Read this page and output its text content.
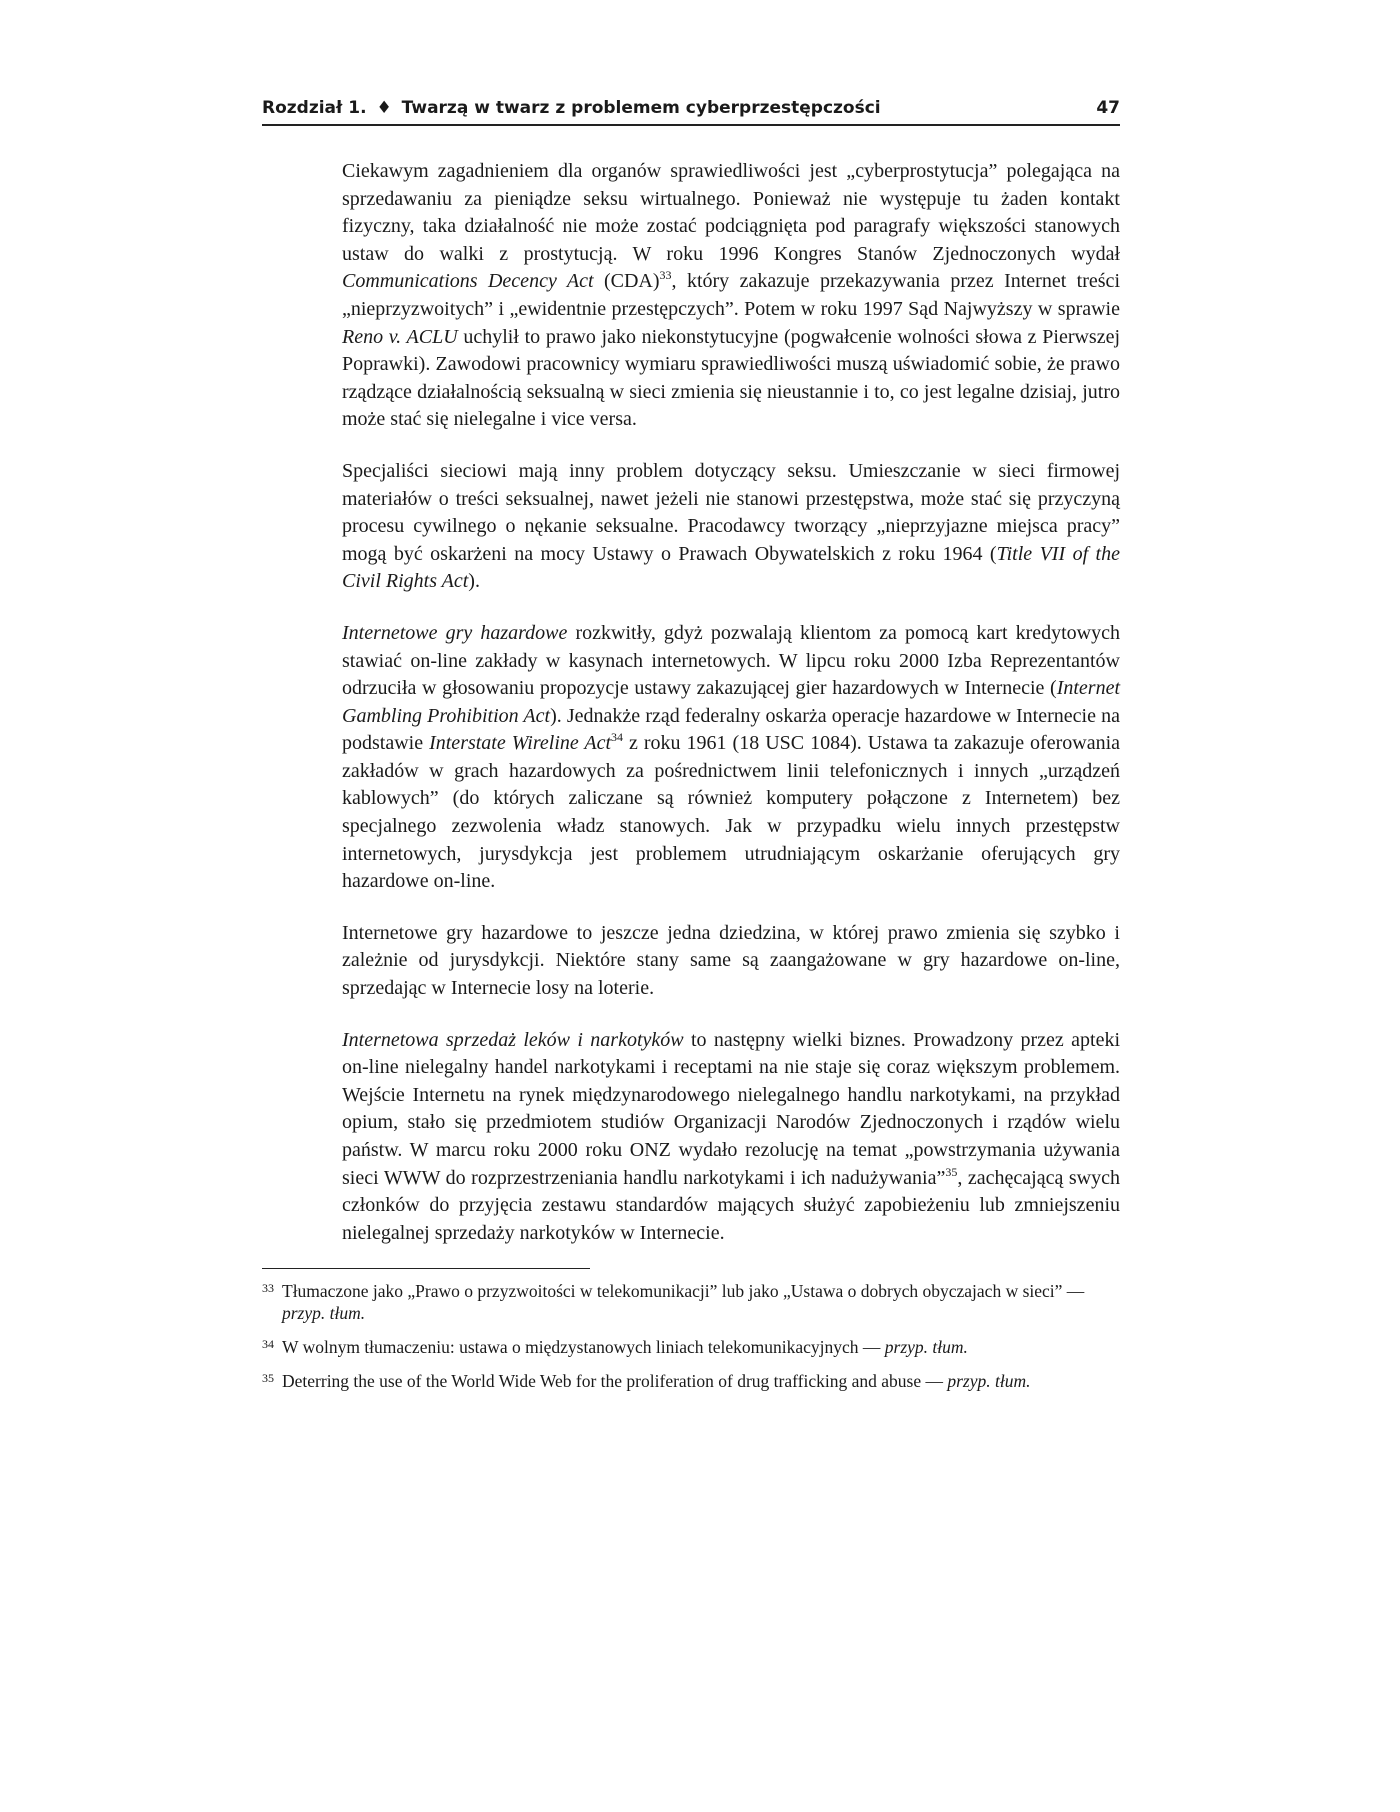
Rozdział 1. ♦ Twarzą w twarz z problemem cyberprzestępczości	47

Ciekawym zagadnieniem dla organów sprawiedliwości jest „cyberprostytucja” polegająca na sprzedawaniu za pieniądze seksu wirtualnego. Ponieważ nie występuje tu żaden kontakt fizyczny, taka działalność nie może zostać podciągnięta pod paragrafy większości stanowych ustaw do walki z prostytucją. W roku 1996 Kongres Stanów Zjednoczonych wydał Communications Decency Act (CDA)$^{33}$, który zakazuje przekazywania przez Internet treści „nieprzyzwoitych” i „ewidentnie przestępczych”. Potem w roku 1997 Sąd Najwyższy w sprawie Reno v. ACLU uchylił to prawo jako niekonstytucyjne (pogwałcenie wolności słowa z Pierwszej Poprawki). Zawodowi pracownicy wymiaru sprawiedliwości muszą uświadomić sobie, że prawo rządzące działalnością seksualną w sieci zmienia się nieustannie i to, co jest legalne dzisiaj, jutro może stać się nielegalne i vice versa.

Specjaliści sieciowi mają inny problem dotyczący seksu. Umieszczanie w sieci firmowej materiałów o treści seksualnej, nawet jeżeli nie stanowi przestępstwa, może stać się przyczyną procesu cywilnego o nękanie seksualne. Pracodawcy tworzący „nieprzyjazne miejsca pracy” mogą być oskarżeni na mocy Ustawy o Prawach Obywatelskich z roku 1964 (Title VII of the Civil Rights Act).

Internetowe gry hazardowe rozkwitły, gdyż pozwalają klientom za pomocą kart kredytowych stawiać on-line zakłady w kasynach internetowych. W lipcu roku 2000 Izba Reprezentantów odrzuciła w głosowaniu propozycje ustawy zakazującej gier hazardowych w Internecie (Internet Gambling Prohibition Act). Jednakże rząd federalny oskarża operacje hazardowe w Internecie na podstawie Interstate Wireline Act$^{34}$ z roku 1961 (18 USC 1084). Ustawa ta zakazuje oferowania zakładów w grach hazardowych za pośrednictwem linii telefonicznych i innych „urządzeń kablowych” (do których zaliczane są również komputery połączone z Internetem) bez specjalnego zezwolenia władz stanowych. Jak w przypadku wielu innych przestępstw internetowych, jurysdykcja jest problemem utrudniającym oskarżanie oferujących gry hazardowe on-line.

Internetowe gry hazardowe to jeszcze jedna dziedzina, w której prawo zmienia się szybko i zależnie od jurysdykcji. Niektóre stany same są zaangażowane w gry hazardowe on-line, sprzedając w Internecie losy na loterie.

Internetowa sprzedaż leków i narkotyków to następny wielki biznes. Prowadzony przez apteki on-line nielegalny handel narkotykami i receptami na nie staje się coraz większym problemem. Wejście Internetu na rynek międzynarodowego nielegalnego handlu narkotykami, na przykład opium, stało się przedmiotem studiów Organizacji Narodów Zjednoczonych i rządów wielu państw. W marcu roku 2000 roku ONZ wydało rezolucję na temat „powstrzymania używania sieci WWW do rozprzestrzeniania handlu narkotykami i ich nadużywania”$^{35}$, zachęcającą swych członków do przyjęcia zestawu standardów mających służyć zapobieżeniu lub zmniejszeniu nielegalnej sprzedaży narkotyków w Internecie.

33 Tłumaczone jako „Prawo o przyzwoitości w telekomunikacji” lub jako „Ustawa o dobrych obyczajach w sieci” — przyp. tłum.
34 W wolnym tłumaczeniu: ustawa o międzystanowych liniach telekomunikacyjnych — przyp. tłum.
35 Deterring the use of the World Wide Web for the proliferation of drug trafficking and abuse — przyp. tłum.
